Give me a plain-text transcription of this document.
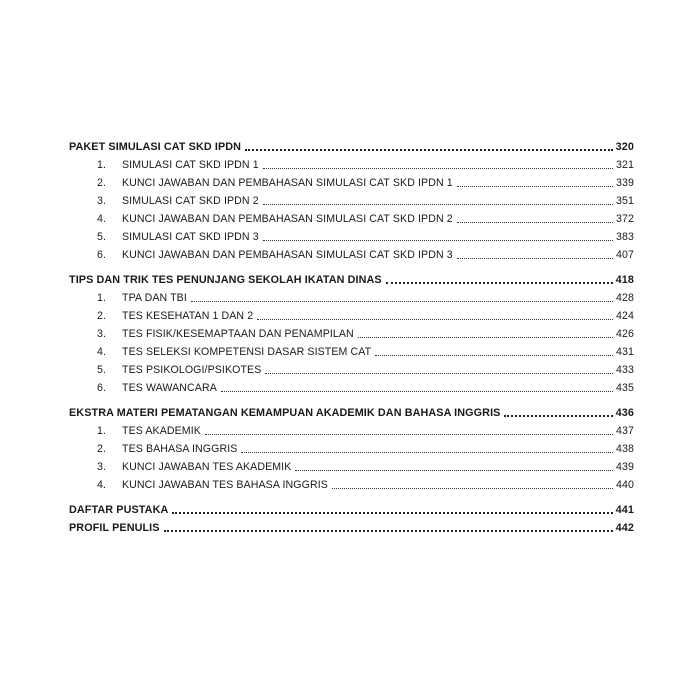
PAKET SIMULASI CAT SKD IPDN	320
1.	SIMULASI CAT SKD IPDN 1	321
2.	KUNCI JAWABAN DAN PEMBAHASAN SIMULASI CAT SKD IPDN 1	339
3.	SIMULASI CAT SKD IPDN 2	351
4.	KUNCI JAWABAN DAN PEMBAHASAN SIMULASI CAT SKD IPDN 2	372
5.	SIMULASI CAT SKD IPDN 3	383
6.	KUNCI JAWABAN DAN PEMBAHASAN SIMULASI CAT SKD IPDN 3	407
TIPS DAN TRIK TES PENUNJANG SEKOLAH IKATAN DINAS	418
1.	TPA DAN TBI	428
2.	TES KESEHATAN 1 DAN 2	424
3.	TES FISIK/KESEMAPTAAN DAN PENAMPILAN	426
4.	TES SELEKSI KOMPETENSI DASAR SISTEM CAT	431
5.	TES PSIKOLOGI/PSIKOTES	433
6.	TES WAWANCARA	435
EKSTRA MATERI PEMATANGAN KEMAMPUAN AKADEMIK DAN BAHASA INGGRIS	436
1.	TES AKADEMIK	437
2.	TES BAHASA INGGRIS	438
3.	KUNCI JAWABAN TES AKADEMIK	439
4.	KUNCI JAWABAN TES BAHASA INGGRIS	440
DAFTAR PUSTAKA	441
PROFIL PENULIS	442
